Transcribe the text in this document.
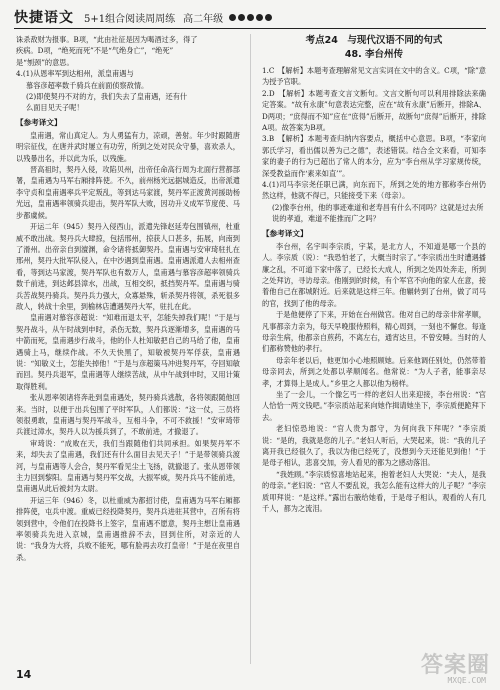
快捷语文 5+1组合阅读周周练 高二年级

诛杀敌财为报事。B项，“此由社征是因为喝酒过多，得了

疾病。D项，“绝死而死”不是“气绝身亡”，“绝死”

是“刎颈”的意思。

4.(1)从恩率军到达相州，派皇甫遇与

慕容彦超率数千骑兵在前面侦察敌情。

(2)即使契丹不对的方，我们失去了皇甫遇，还有什

么面目见天子呢！

【参考译文】

皇甫遇，常山真定人。为人勇猛有力，凉顽，善射。年少时跟随唐明宗征伐，在唐并武时屡立有功劳，所到之处对民众守暴，喜欢杀人，以残暴出名，并以此为乐，以残施。

晋高祖时，契丹入侵，攻陷贝州，出帝任命高行周为北面行营都部署，皇甫遇为马军右厢排阵使。不久，前州杨光远据城造反，出帝派遣李守贞和皇甫遇率兵平定叛乱，等到达马家渡，契丹军正渡黄河援助杨光远，皇甫遇率领骑兵迎击，契丹军队大败，因功升义成军节度使、马步都虞候。

开运二年（945）契丹入侵西山，派遣先锋赵延寿包围镇州，杜重威不敢出战。契丹兵大肆掠，包括邢州，掠获人口甚多，拓展，向南到了滑州。出帝亲自到澶渊，命令诸将抵御契丹。皇甫遇与安审琦驻扎在邢州，契丹大批军队侵入，在中沙遇到皇甫遇。皇甫遇派遣人去相州查看，等到达马家渡，契丹军队也有数万人，皇甫遇与慕容彦超率领骑兵数千前进，到达邺县漳水，出战，互相交织，抵挡契丹军。皇甫遇与骑兵苦战契丹骑兵。契丹兵力强大，众寡悬殊，斩杀契丹将领，杀死很多敌人，转战十余里，到榆林店遭遇契丹大军，驻扎在此。

皇甫遇对慕容彦超说：“知难而退太平，怎能失掉我们呢！”于是与契丹战斗，从午时战到申时，杀伤无数，契丹兵逐渐增多，皇甫遇的马中箭而死，皇甫遇步行战斗，他的仆人杜知敏把自己的马给了他，皇甫遇骑上马，继续作战。不久天快黑了，知敏被契丹军俘获，皇甫遇说：“知敏义士，怎能失掉他！”于是与彦超策马冲进契丹军，夺回知敏而回。契丹兵退军，皇甫遇等人继续苦战，从中午战到申时，又用计策取得胜利。

张从恩率领诸将奔赴到皇甫遇处，契丹骑兵逃散，各将领跟随他回来。当时，以便于出兵包围了平时军队，人们都说：“这一仗，三员将领很勇敢，皇甫遇与契丹军战斗，互相斗争，不可不救援！”安审琦带兵渡过漳水，契丹人以为援兵到了，不敢前进，才撤退了。

审琦说：“成败在天，我们当跟随他们共同承担。如果契丹军不来，却失去了皇甫遇，我们还有什么面目去见天子！”于是带领骑兵渡河，与皇甫遇等人会合，契丹军看见尘土飞扬，就撤退了。张从恩带领主力回到黎阳。皇甫遇与契丹军交战，大振军威，契丹兵马不能前进，皇甫遇从此后被封为太尉。

开运三年（946）冬，以杜重威为都招讨使，皇甫遇为马军右厢都排阵使，屯兵中渡。重威已经投降契丹，契丹兵进驻其营中，召所有将领到营中，令他们在投降书上签字，皇甫遇不愿意，契丹主想让皇甫遇率领骑兵先进入京城，皇甫遇推辞不去，回到住所，对亲近的人说：“我身为大将，兵败不能死，哪有脸再去攻打皇帝！”于是在夜里自杀。

考点24　与现代汉语不同的句式
48. 李台州传

1.C　【解析】本题考查理解常见文言实词在文中的含义。C项，“除”意为授予官职。

2.D　【解析】本题考查文言文断句。文言文断句可以利用排除法来确定答案。“故有永康”句意表达完整，应在“故有永康”后断开，排除A、D两项；“庶得而不知”应在“庶得”后断开，故断句“庶得”后断开，排除A项。故答案为B项。

3.B　【解析】本题考查归纳内容要点，概括中心意思。B项，“李家向郭氏学习，看出儒以善为己之德”，表述错误。结合全文来看，可知李家的妻子的行为已超出了常人的本分，应为“李台州从学习家规传统，深受教益而作‘素来如直’”。

4.(1)司马李宗尧任职已满，向东而下，所到之处的地方都称李台州仍然这样，他就不得已，只能接受下来（母亲）。

(2)像李台州，他的事迹难道和老寿昌有什么不同吗？这就是过去所说的孝道，难道不能推而广之吗？

【参考译文】

李台州，名宇叫李宗质，宇某，是北方人，不知道是哪一个县的人。李宗质（说）：“我恐怕老了，大概当时宗了。”李宗质出生时遭遇播廉之乱，不可道下家中落了，已经长大成人，所到之处四处奔走，所到之处拜访，寻访母亲。他刚到的时候，有个军官不向他的家人在意，接着他自己在都城附近。后来就是这样三年。他辗转到了台州，做了司马的官，找到了他的母亲。

于是他便停了下来，开始在台州做官。他对自己的母亲非常孝顺，凡事都亲力亲为，每天早晚服侍照料，精心周到，一刻也不懈怠。每逢母亲生病，他都亲自煎药，不离左右，通宵达旦，不曾安睡。当时的人们都称赞他的孝行。

母亲年老以后，他更加小心地照顾她。后来他调任别处，仍然带着母亲同去，所到之处都以孝顺闻名。他常说：“为人子者，能事亲尽孝，才算得上是成人。”乡里之人都以他为榜样。

坐了一会儿，一个像乞丐一样的老妇人出来迎接，李台州说：“官人恰恰一两文钱吧。”李宗质站起来向她作揖请她坐下，李宗质便跪拜下去。

老妇惊恐地说：“官人贵为郡守，为何向我下拜呢？”李宗质说：“是的，我就是您的儿子。”老妇人听后，大哭起来，说：“我的儿子离开我已经很久了，我以为他已经死了，没想到今天还能见到他！”于是母子相认，悲喜交加，旁人看见的都为之感动落泪。

“我姓顾。”李宗质惊喜地站起来，抱着老妇人大哭说：“夫人，是我的母亲。”老妇说：“官人不要乱说，我怎么能有这样大的儿子呢？”李宗质叩拜说：“是这样。”露出右腋给她看，于是母子相认，观看的人有几千人，都为之流泪。

14	答案圈
MXQE.COM
